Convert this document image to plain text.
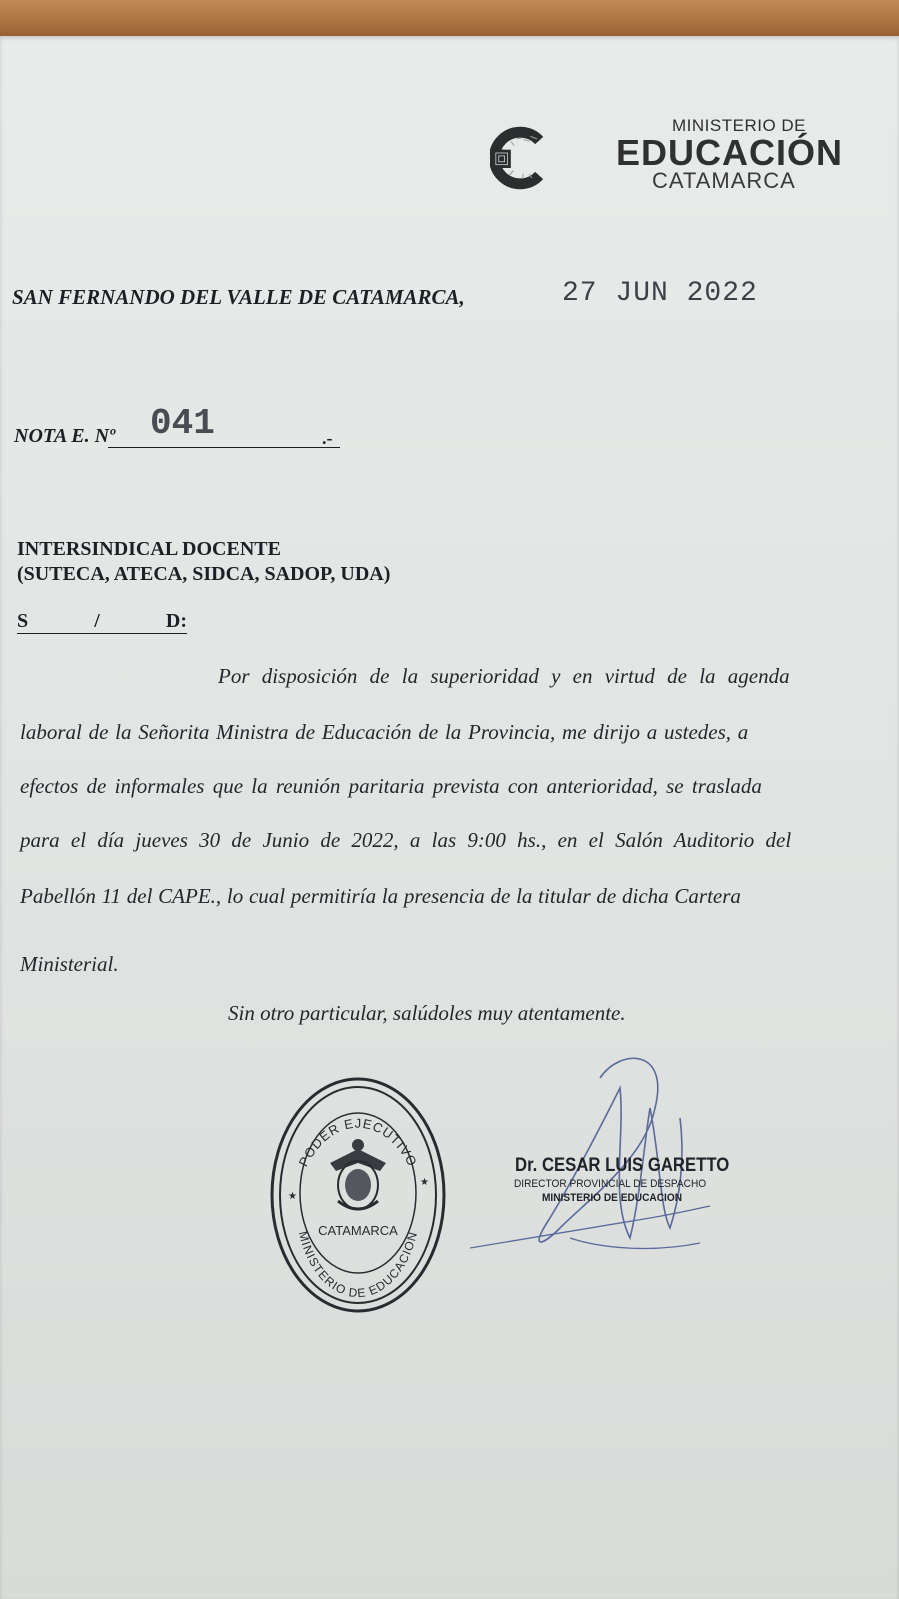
MINISTERIO DE
EDUCACIÓN
CATAMARCA
SAN FERNANDO DEL VALLE DE CATAMARCA,	27 JUN 2022
NOTA E. Nº 041	.-
INTERSINDICAL DOCENTE
(SUTECA, ATECA, SIDCA, SADOP, UDA)
S	/	D:
Por disposición de la superioridad y en virtud de la agenda
laboral de la Señorita Ministra de Educación de la Provincia, me dirijo a ustedes, a
efectos de informales que la reunión paritaria prevista con anterioridad, se traslada
para el día jueves 30 de Junio de 2022, a las 9:00 hs., en el Salón Auditorio del
Pabellón 11 del CAPE., lo cual permitiría la presencia de la titular de dicha Cartera
Ministerial.
Sin otro particular, salúdoles muy atentamente.
PODER EJECUTIVO
MINISTERIO DE EDUCACION
★
★
CATAMARCA
Dr. CESAR LUIS GARETTO
DIRECTOR PROVINCIAL DE DESPACHO
MINISTERIO DE EDUCACION
